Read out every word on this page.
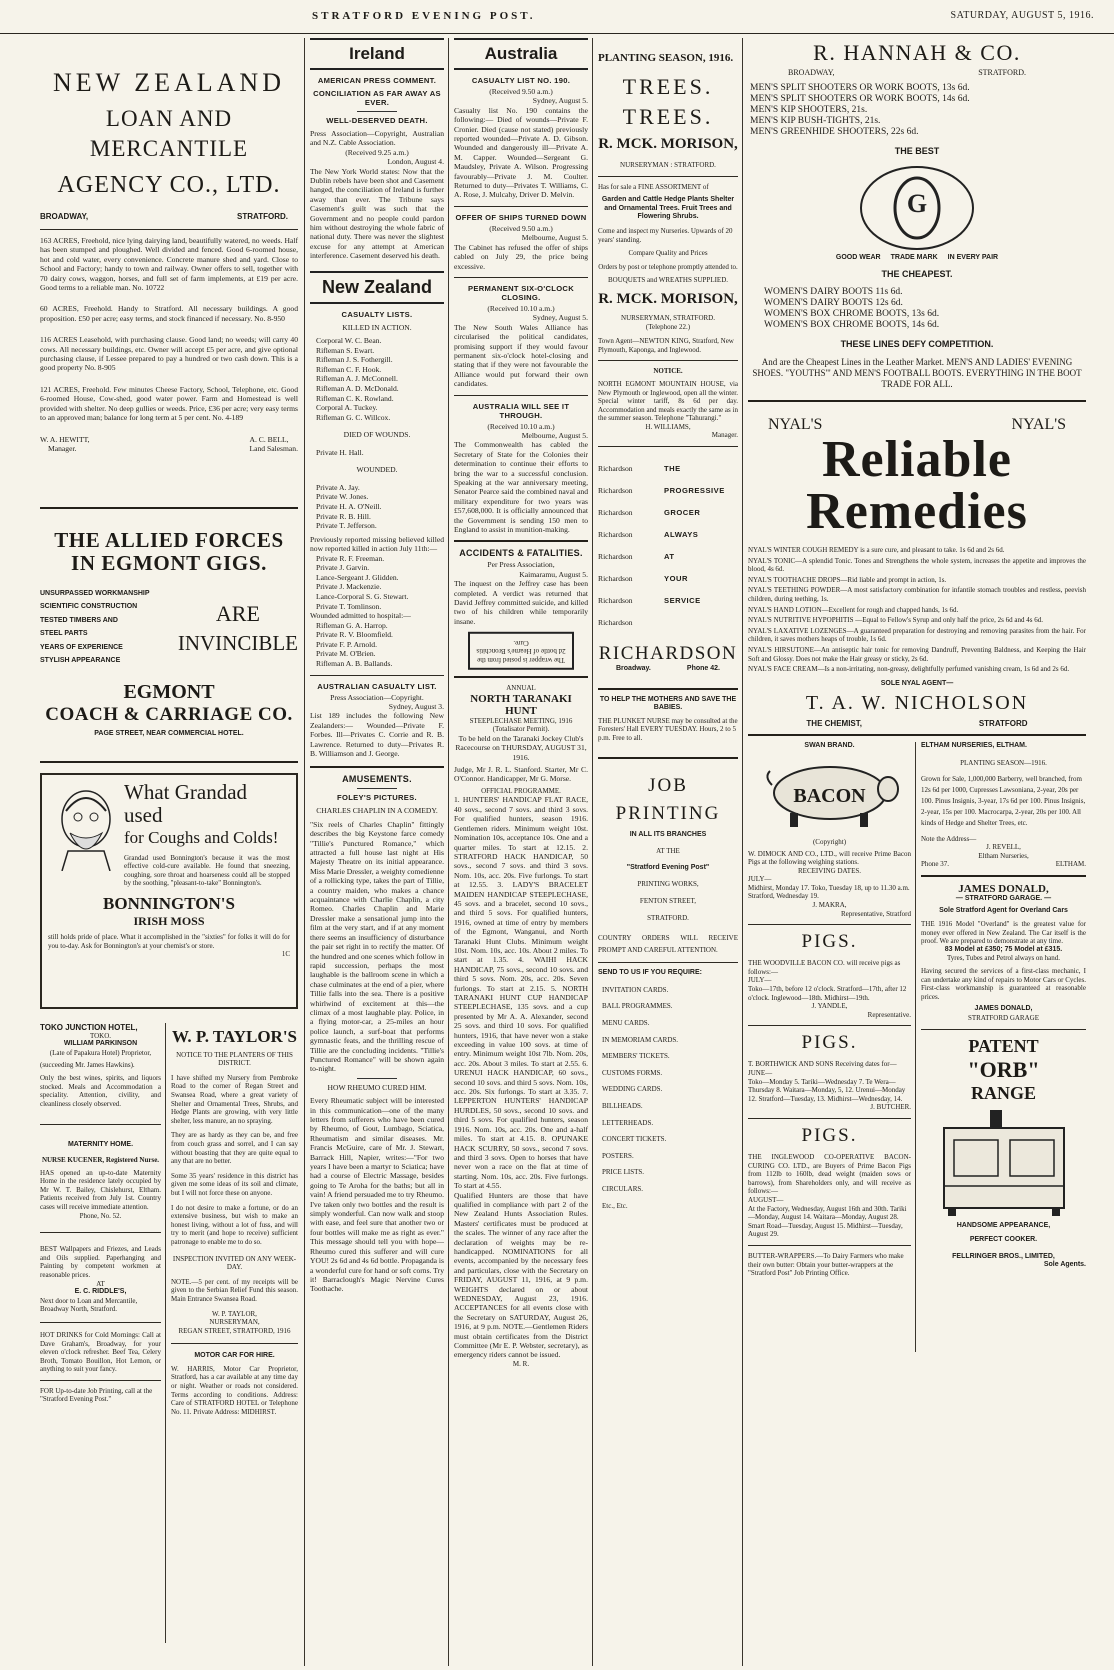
STRATFORD EVENING POST.	SATURDAY, AUGUST 5, 1916.
NEW ZEALAND
LOAN AND MERCANTILE
AGENCY CO., LTD.
BROADWAY,	STRATFORD.

163 ACRES, Freehold, nice lying dairying land, beautifully watered, no weeds. Half has been stumped and ploughed. Well divided and fenced. Good 6-roomed house, hot and cold water, every convenience. Concrete manure shed and yard. Close to School and Factory; handy to town and railway. Owner offers to sell, together with 70 dairy cows, waggon, horses, and full set of farm implements, at £19 per acre. Good terms to a reliable man. No. 10722

60 ACRES, Freehold. Handy to Stratford. All necessary buildings. A good proposition. £50 per acre; easy terms, and stock financed if necessary. No. 8-950

116 ACRES Leasehold, with purchasing clause. Good land; no weeds; will carry 40 cows. All necessary buildings, etc. Owner will accept £5 per acre, and give optional purchasing clause, if Lessee prepared to pay a hundred or two cash down. This is a good property No. 8-905

121 ACRES, Freehold. Few minutes Cheese Factory, School, Telephone, etc. Good 6-roomed House, Cow-shed, good water power. Farm and Homestead is well provided with shelter. No deep gullies or weeds. Price, £36 per acre; very easy terms to an approved man; balance for long term at 5 per cent. No. 4-189

W. A. HEWITT,
Manager.
A. C. BELL,
Land Salesman.
THE ALLIED FORCES IN EGMONT GIGS.
UNSURPASSED WORKMANSHIP
SCIENTIFIC CONSTRUCTION
TESTED TIMBERS AND
STEEL PARTS
YEARS OF EXPERIENCE
STYLISH APPEARANCE
ARE
INVINCIBLE
EGMONT
COACH & CARRIAGE CO.
PAGE STREET, NEAR COMMERCIAL HOTEL.
What Grandad used
for Coughs and Colds!

Grandad used Bonnington's because it was the most effective cold-cure available. He found that sneezing, coughing, sore throat and hoarseness could all be stopped by the soothing, "pleasant-to-take" Bonnington's.

BONNINGTON'S
IRISH MOSS

still holds pride of place. What it accomplished in the "sixties" for folks it will do for you to-day. Ask for Bonnington's at your chemist's or store.

1C
TOKO JUNCTION HOTEL,
TOKO.
WILLIAM PARKINSON
(Late of Papakura Hotel) Proprietor,
(succeeding Mr. James Hawkins).

Only the best wines, spirits, and liquors stocked. Meals and Accommodation a speciality. Attention, civility, and cleanliness closely observed.

MATERNITY HOME.
NURSE KUCENER, Registered Nurse.

HAS opened an up-to-date Maternity Home in the residence lately occupied by Mr W. T. Bailey, Chislehurst, Eltham. Patients received from July 1st. Country cases will receive immediate attention.

Phone, No. 52.

BEST Wallpapers and Friezes, and Leads and Oils supplied. Paperhanging and Painting by competent workmen at reasonable prices.

AT
E. C. RIDDLE'S,
Next door to Loan and Mercantile, Broadway North, Stratford.

HOT DRINKS for Cold Mornings: Call at Dave Graham's, Broadway, for your eleven o'clock refresher. Beef Tea, Celery Broth, Tomato Bouillon, Hot Lemon, or anything to suit your fancy.

FOR Up-to-date Job Printing, call at the "Stratford Evening Post."

W. P. TAYLOR'S
NOTICE TO THE PLANTERS OF THIS DISTRICT.

I have shifted my Nursery from Pembroke Road to the corner of Regan Street and Swansea Road, where a great variety of Shelter and Ornamental Trees, Shrubs, and Hedge Plants are growing, with very little shelter, less manure, an no spraying.

They are as hardy as they can be, and free from couch grass and sorrel, and I can say without boasting that they are quite equal to any that are no better.

Some 35 years' residence in this district has given me some ideas of its soil and climate, but I will not force these on anyone.

I do not desire to make a fortune, or do an extensive business, but wish to make an honest living, without a lot of fuss, and will try to merit (and hope to receive) sufficient patronage to enable me to do so.

INSPECTION INVITED ON ANY WEEK-DAY.

NOTE.—5 per cent. of my receipts will be given to the Serbian Relief Fund this season. Main Entrance Swansea Road.

W. P. TAYLOR,
NURSERYMAN,
REGAN STREET, STRATFORD, 1916
MOTOR CAR FOR HIRE.

W. HARRIS, Motor Car Proprietor, Stratford, has a car available at any time day or night. Weather or roads not considered. Terms according to conditions. Address: Care of STRATFORD HOTEL or Telephone No. 11. Private Address: MIDHIRST.

Ireland
AMERICAN PRESS COMMENT.
CONCILIATION AS FAR AWAY AS EVER.
WELL-DESERVED DEATH.

Press Association—Copyright, Australian and N.Z. Cable Association.

(Received 9.25 a.m.)
London, August 4.

The New York World states: Now that the Dublin rebels have been shot and Casement hanged, the conciliation of Ireland is further away than ever. The Tribune says Casement's guilt was such that the Government and no people could pardon him without destroying the whole fabric of national duty. There was never the slightest excuse for any attempt at American interference. Casement deserved his death.

New Zealand
CASUALTY LISTS.
KILLED IN ACTION.

Corporal W. C. Bean.

Rifleman S. Ewart.

Rifleman J. S. Fothergill.

Rifleman C. F. Hook.

Rifleman A. J. McConnell.

Rifleman A. D. McDonald.

Rifleman C. K. Rowland.

Corporal A. Tuckey.

Rifleman G. C. Willcox.

DIED OF WOUNDS.

Private H. Hall.

WOUNDED.

Private A. Jay.

Private W. Jones.

Private H. A. O'Neill.

Private R. B. Hill.

Private T. Jefferson.

Previously reported missing believed killed now reported killed in action July 11th:—

Private R. F. Freeman.

Private J. Garvin.

Lance-Sergeant J. Glidden.

Private J. Mackenzie.

Lance-Corporal S. G. Stewart.

Private T. Tomlinson.

Wounded admitted to hospital:—

Rifleman G. A. Harrop.

Private R. V. Bloomfield.

Private F. P. Arnold.

Private M. O'Brien.

Rifleman A. B. Ballands.

AUSTRALIAN CASUALTY LIST.
Press Association—Copyright.
Sydney, August 3.

List 189 includes the following New Zealanders:— Wounded—Private F. Forbes. Ill—Privates C. Corrie and R. B. Lawrence. Returned to duty—Privates R. B. Williamson and J. George.

AMUSEMENTS.
FOLEY'S PICTURES.
CHARLES CHAPLIN IN A COMEDY.

"Six reels of Charles Chaplin" fittingly describes the big Keystone farce comedy "Tillie's Punctured Romance," which attracted a full house last night at His Majesty Theatre on its initial appearance. Miss Marie Dressler, a weighty comedienne of a rollicking type, takes the part of Tillie, a country maiden, who makes a chance acquaintance with Charlie Chaplin, a city Romeo. Charles Chaplin and Marie Dressler make a sensational jump into the film at the very start, and if at any moment there seems an insufficiency of disturbance the pair set right in to rectify the matter. Of the hundred and one scenes which follow in rapid succession, perhaps the most laughable is the ballroom scene in which a chase culminates at the end of a pier, where Tillie falls into the sea. There is a positive whirlwind of excitement at this—the climax of a most laughable play. Police, in a flying motor-car, a 25-miles an hour police launch, a surf-boat that performs gymnastic feats, and the thrilling rescue of Tillie are the concluding incidents. "Tillie's Punctured Romance" will be shown again to-night.

HOW RHEUMO CURED HIM.

Every Rheumatic subject will be interested in this communication—one of the many letters from sufferers who have been cured by Rheumo, of Gout, Lumbago, Sciatica, Rheumatism and similar diseases. Mr. Francis McGuire, care of Mr. J. Stewart, Barrack Hill, Napier, writes:—"For two years I have been a martyr to Sciatica; have had a course of Electric Massage, besides going to Te Aroha for the baths; but all in vain! A friend persuaded me to try Rheumo. I've taken only two bottles and the result is simply wonderful. Can now walk and stoop with ease, and feel sure that another two or four bottles will make me as right as ever." This message should tell you with hope—Rheumo cured this sufferer and will cure YOU! 2s 6d and 4s 6d bottle. Propaganda is a wonderful cure for hand or soft corns. Try it! Barraclough's Magic Nervine Cures Toothache.

Australia
CASUALTY LIST NO. 190.
(Received 9.50 a.m.)
Sydney, August 5.

Casualty list No. 190 contains the following:— Died of wounds—Private F. Cronier. Died (cause not stated) previously reported wounded—Private A. D. Gibson. Wounded and dangerously ill—Private A. M. Capper. Wounded—Sergeant G. Maudsley, Private A. Wilson. Progressing favourably—Private J. M. Coulter. Returned to duty—Privates T. Williams, C. A. Rose, J. Mulcahy, Driver D. Melvin.

OFFER OF SHIPS TURNED DOWN
(Received 9.50 a.m.)
Melbourne, August 5.

The Cabinet has refused the offer of ships cabled on July 29, the price being excessive.

PERMANENT SIX-O'CLOCK CLOSING.
(Received 10.10 a.m.)
Sydney, August 5.

The New South Wales Alliance has circularised the political candidates, promising support if they would favour permanent six-o'clock hotel-closing and stating that if they were not favourable the Alliance would put forward their own candidates.

AUSTRALIA WILL SEE IT THROUGH.
(Received 10.10 a.m.)
Melbourne, August 5.

The Commonwealth has cabled the Secretary of State for the Colonies their determination to continue their efforts to bring the war to a successful conclusion. Speaking at the war anniversary meeting, Senator Pearce said the combined naval and military expenditure for two years was £57,608,000. It is officially announced that the Government is sending 150 men to England to assist in munition-making.

ACCIDENTS & FATALITIES.
Per Press Association,
Kaimaramu, August 5.

The inquest on the Jeffrey case has been completed. A verdict was returned that David Jeffrey committed suicide, and killed two of his children while temporarily insane.

The wrapper is posted from the 2d bottle of Hearne's Bronchitis Cure.

ANNUAL
NORTH TARANAKI HUNT
STEEPLECHASE MEETING, 1916
(Totalisator Permit).

To be held on the Taranaki Jockey Club's Racecourse on THURSDAY, AUGUST 31, 1916.

Judge, Mr J. R. L. Stanford. Starter, Mr C. O'Connor. Handicapper, Mr G. Morse.

OFFICIAL PROGRAMME.

1. HUNTERS' HANDICAP FLAT RACE, 40 sovs., second 7 sovs. and third 3 sovs. For qualified hunters, season 1916. Gentlemen riders. Minimum weight 10st. Nomination 10s, acceptance 10s. One and a quarter miles. To start at 12.15. 2. STRATFORD HACK HANDICAP, 50 sovs., second 7 sovs. and third 3 sovs. Nom. 10s, acc. 20s. Five furlongs. To start at 12.55. 3. LADY'S BRACELET MAIDEN HANDICAP STEEPLECHASE, 45 sovs. and a bracelet, second 10 sovs., and third 5 sovs. For qualified hunters, 1916, owned at time of entry by members of the Egmont, Wanganui, and North Taranaki Hunt Clubs. Minimum weight 10st. Nom. 10s, acc. 10s. About 2 miles. To start at 1.35. 4. WAIHI HACK HANDICAP, 75 sovs., second 10 sovs. and third 5 sovs. Nom. 20s, acc. 20s. Seven furlongs. To start at 2.15. 5. NORTH TARANAKI HUNT CUP HANDICAP STEEPLECHASE, 135 sovs. and a cup presented by Mr A. A. Alexander, second 25 sovs. and third 10 sovs. For qualified hunters, 1916, that have never won a stake exceeding in value 100 sovs. at time of entry. Minimum weight 10st 7lb. Nom. 20s, acc. 20s. About 3 miles. To start at 2.55. 6. URENUI HACK HANDICAP, 60 sovs., second 10 sovs. and third 5 sovs. Nom. 10s, acc. 20s. Six furlongs. To start at 3.35. 7. LEPPERTON HUNTERS' HANDICAP HURDLES, 50 sovs., second 10 sovs. and third 5 sovs. For qualified hunters, season 1916. Nom. 10s, acc. 20s. One and a-half miles. To start at 4.15. 8. OPUNAKE HACK SCURRY, 50 sovs., second 7 sovs. and third 3 sovs. Open to horses that have never won a race on the flat at time of starting. Nom. 10s, acc. 20s. Five furlongs. To start at 4.55.

Qualified Hunters are those that have qualified in compliance with part 2 of the New Zealand Hunts Association Rules. Masters' certificates must be produced at the scales. The winner of any race after the declaration of weights may be re-handicapped. NOMINATIONS for all events, accompanied by the necessary fees and particulars, close with the Secretary on FRIDAY, AUGUST 11, 1916, at 9 p.m. WEIGHTS declared on or about WEDNESDAY, August 23, 1916. ACCEPTANCES for all events close with the Secretary on SATURDAY, August 26, 1916, at 9 p.m. NOTE.—Gentlemen Riders must obtain certificates from the District Committee (Mr E. P. Webster, secretary), as emergency riders cannot be issued.

M. R.
PLANTING SEASON, 1916.
TREES.
TREES.
R. MCK. MORISON,
NURSERYMAN : STRATFORD.

Has for sale a FINE ASSORTMENT of

Garden and Cattle Hedge Plants Shelter and Ornamental Trees. Fruit Trees and Flowering Shrubs.

Come and inspect my Nurseries. Upwards of 20 years' standing.

Compare Quality and Prices

Orders by post or telephone promptly attended to.

BOUQUETS and WREATHS SUPPLIED.

R. MCK. MORISON,
NURSERYMAN, STRATFORD.
(Telephone 22.)

Town Agent—NEWTON KING, Stratford, New Plymouth, Kaponga, and Inglewood.

NOTICE.

NORTH EGMONT MOUNTAIN HOUSE, via New Plymouth or Inglewood, open all the winter. Special winter tariff, 8s 6d per day. Accommodation and meals exactly the same as in the summer season. Telephone "Tahurangi."

H. WILLIAMS,
Manager.
Richardson	THE
Richardson	PROGRESSIVE
Richardson	GROCER
Richardson	ALWAYS
Richardson	AT
Richardson	YOUR
Richardson	SERVICE
Richardson
RICHARDSON
Broadway.	Phone 42.
TO HELP THE MOTHERS AND SAVE THE BABIES.

THE PLUNKET NURSE may be consulted at the Foresters' Hall EVERY TUESDAY. Hours, 2 to 5 p.m. Free to all.

JOB
PRINTING
IN ALL ITS BRANCHES
AT THE
"Stratford Evening Post"
PRINTING WORKS,
FENTON STREET,
STRATFORD.

COUNTRY ORDERS WILL RECEIVE PROMPT AND CAREFUL ATTENTION.

SEND TO US IF YOU REQUIRE:

INVITATION CARDS.

BALL PROGRAMMES.

MENU CARDS.

IN MEMORIAM CARDS.

MEMBERS' TICKETS.

CUSTOMS FORMS.

WEDDING CARDS.

BILLHEADS.

LETTERHEADS.

CONCERT TICKETS.

POSTERS.

PRICE LISTS.

CIRCULARS.

Etc., Etc.

R. HANNAH & CO.
BROADWAY,	STRATFORD.

MEN'S SPLIT SHOOTERS OR WORK BOOTS, 13s 6d.

MEN'S SPLIT SHOOTERS OR WORK BOOTS, 14s 6d.

MEN'S KIP SHOOTERS, 21s.

MEN'S KIP BUSH-TIGHTS, 21s.

MEN'S GREENHIDE SHOOTERS, 22s 6d.

THE BEST
G
GOOD WEAR TRADE MARK IN EVERY PAIR
THE CHEAPEST.

WOMEN'S DAIRY BOOTS 11s 6d.

WOMEN'S DAIRY BOOTS 12s 6d.

WOMEN'S BOX CHROME BOOTS, 13s 6d.

WOMEN'S BOX CHROME BOOTS, 14s 6d.

THESE LINES DEFY COMPETITION.

And are the Cheapest Lines in the Leather Market. MEN'S AND LADIES' EVENING SHOES. "YOUTHS'" AND MEN'S FOOTBALL BOOTS. EVERYTHING IN THE BOOT TRADE FOR ALL.

NYAL'S	NYAL'S
Reliable
Remedies

NYAL'S WINTER COUGH REMEDY is a sure cure, and pleasant to take. 1s 6d and 2s 6d.

NYAL'S TONIC—A splendid Tonic. Tones and Strengthens the whole system, increases the appetite and improves the blood, 4s 6d.

NYAL'S TOOTHACHE DROPS—Rid liable and prompt in action, 1s.

NYAL'S TEETHING POWDER—A most satisfactory combination for infantile stomach troubles and restless, peevish children, during teething, 1s.

NYAL'S HAND LOTION—Excellent for rough and chapped hands, 1s 6d.

NYAL'S NUTRITIVE HYPOPHITIS —Equal to Fellow's Syrup and only half the price, 2s 6d and 4s 6d.

NYAL'S LAXATIVE LOZENGES—A guaranteed preparation for destroying and removing parasites from the hair. For children, it saves mothers heaps of trouble, 1s 6d.

NYAL'S HIRSUTONE—An antiseptic hair tonic for removing Dandruff, Preventing Baldness, and Keeping the Hair Soft and Glossy. Does not make the Hair greasy or sticky, 2s 6d.

NYAL'S FACE CREAM—Is a non-irritating, non-greasy, delightfully perfumed vanishing cream, 1s 6d and 2s 6d.

SOLE NYAL AGENT—
T. A. W. NICHOLSON
THE CHEMIST,	STRATFORD
SWAN BRAND.
BACON
(Copyright)

W. DIMOCK AND CO., LTD., will receive Prime Bacon Pigs at the following weighing stations.

RECEIVING DATES.
JULY—

Midhirst, Monday 17. Toko, Tuesday 18, up to 11.30 a.m. Stratford, Wednesday 19.

J. MAKRA,
Representative, Stratford
PIGS.

THE WOODVILLE BACON CO. will receive pigs as follows:—

JULY—

Toko—17th, before 12 o'clock. Stratford—17th, after 12 o'clock. Inglewood—18th. Midhirst—19th.

J. YANDLE,
Representative.
PIGS.

T. BORTHWICK AND SONS Receiving dates for—

JUNE—

Toko—Monday 5. Tariki—Wednesday 7. Te Wera—Thursday 8. Waitara—Monday, 5, 12. Urenui—Monday 12. Stratford—Tuesday, 13. Midhirst—Wednesday, 14.

J. BUTCHER.
PIGS.

THE INGLEWOOD CO-OPERATIVE BACON-CURING CO. LTD., are Buyers of Prime Bacon Pigs from 112lb to 160lb, dead weight (maiden sows or barrows), from Shareholders only, and will receive as follows:—

AUGUST—

At the Factory, Wednesday, August 16th and 30th. Tariki—Monday, August 14. Waitara—Monday, August 28. Smart Road—Tuesday, August 15. Midhirst—Tuesday, August 29.

BUTTER-WRAPPERS.—To Dairy Farmers who make their own butter: Obtain your butter-wrappers at the "Stratford Post" Job Printing Office.

ELTHAM NURSERIES, ELTHAM.
PLANTING SEASON—1916.

Grown for Sale, 1,000,000 Barberry, well branched, from 12s 6d per 1000, Cupresses Lawsoniana, 2-year, 20s per 100. Pinus Insignis, 3-year, 17s 6d per 100. Pinus Insignis, 2-year, 15s per 100. Macrocarpa, 2-year, 20s per 100. All kinds of Hedge and Shelter Trees, etc.

Note the Address—
J. REVELL,
Eltham Nurseries,
Phone 37.	ELTHAM.
JAMES DONALD,
— STRATFORD GARAGE. —
Sole Stratford Agent for Overland Cars

THE 1916 Model "Overland" is the greatest value for money ever offered in New Zealand. The Car itself is the proof. We are prepared to demonstrate at any time.

83 Model at £350; 75 Model at £315.
Tyres, Tubes and Petrol always on hand.

Having secured the services of a first-class mechanic, I can undertake any kind of repairs to Motor Cars or Cycles. First-class workmanship is guaranteed at reasonable prices.

JAMES DONALD,
STRATFORD GARAGE
PATENT
"ORB"
RANGE
HANDSOME APPEARANCE,
PERFECT COOKER.
FELLRINGER BROS., LIMITED,
Sole Agents.
